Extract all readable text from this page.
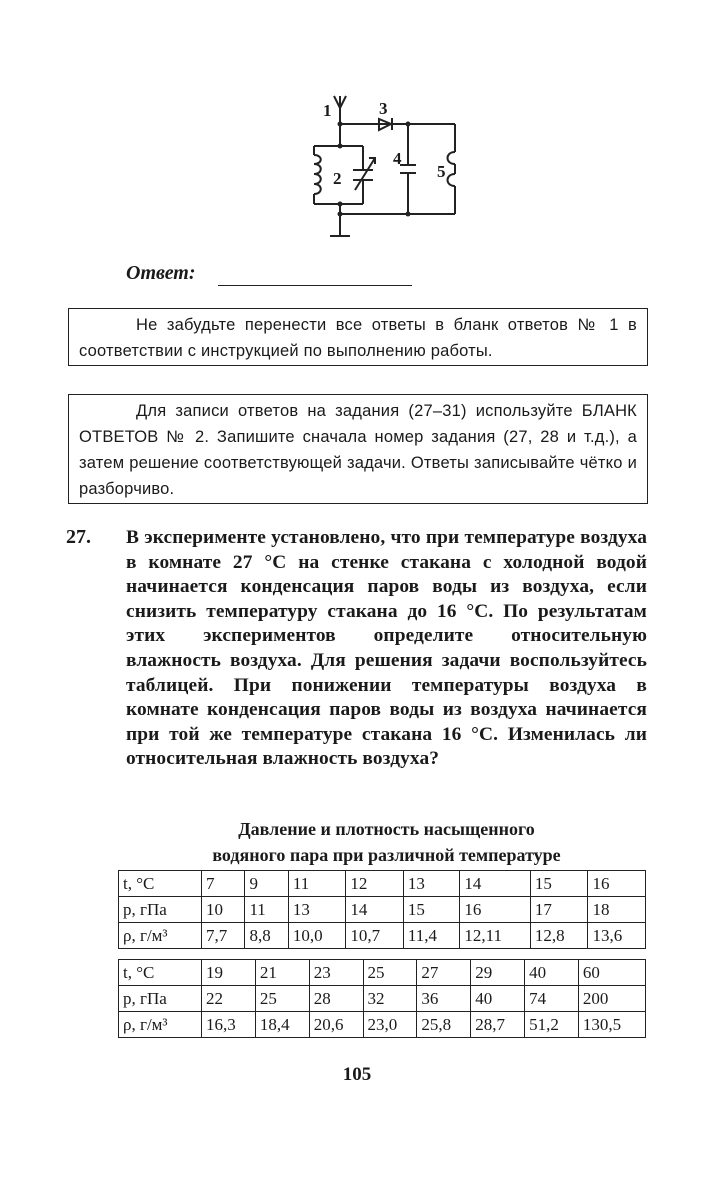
1
2
3
4
5
Ответ:

Не забудьте перенести все ответы в бланк ответов № 1 в соответствии с инструкцией по выполнению работы.

Для записи ответов на задания (27–31) используйте БЛАНК ОТВЕТОВ № 2. Запишите сначала номер задания (27, 28 и т.д.), а затем решение соответствующей задачи. Ответы записывайте чётко и разборчиво.

27. В эксперименте установлено, что при температуре воздуха в комнате 27 °С на стенке стакана с холодной водой начинается конденсация паров воды из воздуха, если снизить температуру стакана до 16 °С. По результатам этих экспериментов определите относительную влажность воздуха. Для решения задачи воспользуйтесь таблицей. При понижении температуры воздуха в комнате конденсация паров воды из воздуха начинается при той же температуре стакана 16 °С. Изменилась ли относительная влажность воздуха?
Давление и плотность насыщенного
водяного пара при различной температуре
t, °С	7	9	11	12	13	14	15	16
p, гПа	10	11	13	14	15	16	17	18
ρ, г/м³	7,7	8,8	10,0	10,7	11,4	12,11	12,8	13,6
t, °С	19	21	23	25	27	29	40	60
p, гПа	22	25	28	32	36	40	74	200
ρ, г/м³	16,3	18,4	20,6	23,0	25,8	28,7	51,2	130,5
105
